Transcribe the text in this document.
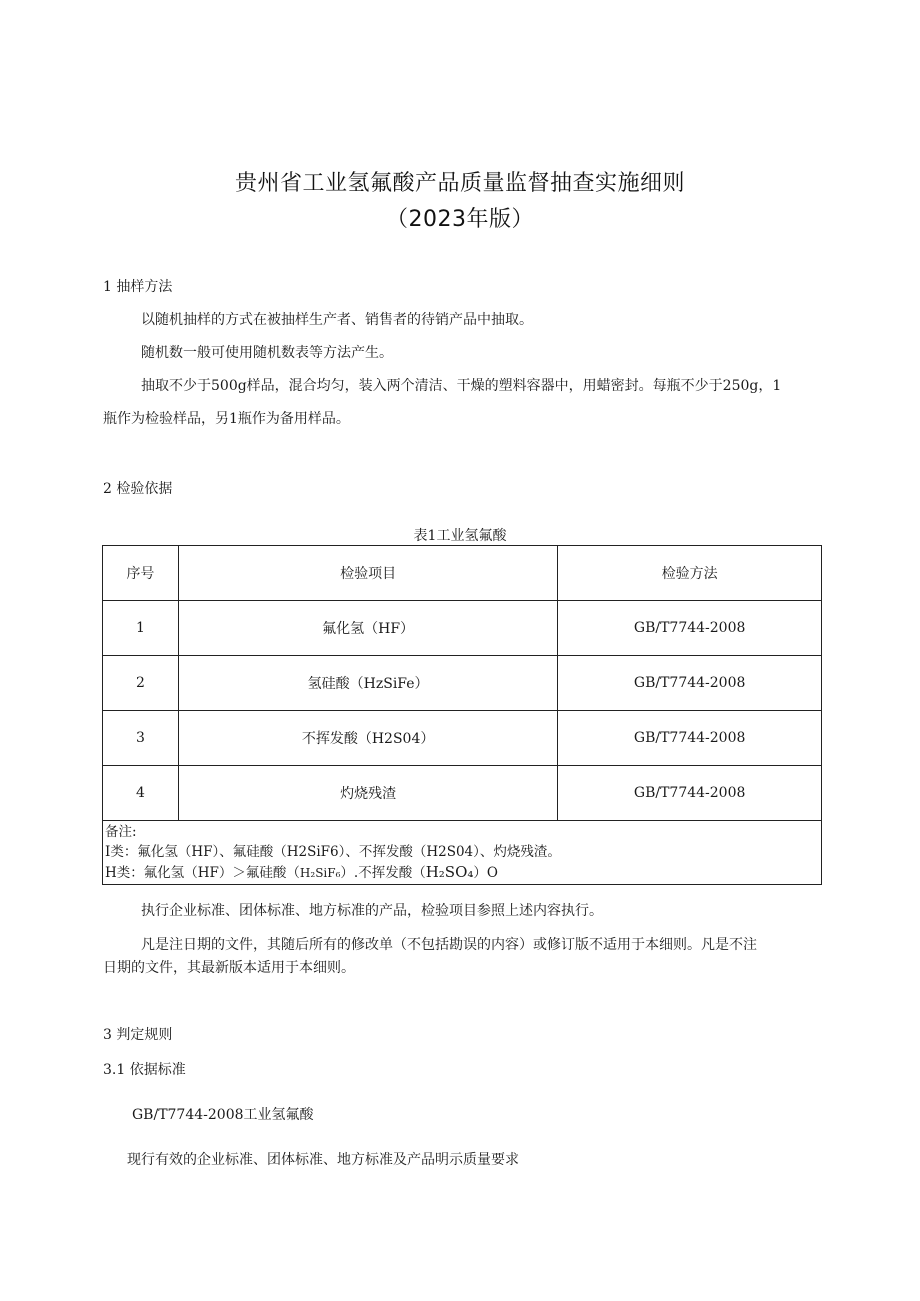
贵州省工业氢氟酸产品质量监督抽查实施细则
（2023年版）
1 抽样方法
以随机抽样的方式在被抽样生产者、销售者的待销产品中抽取。
随机数一般可使用随机数表等方法产生。
抽取不少于500g样品，混合均匀，装入两个清洁、干燥的塑料容器中，用蜡密封。每瓶不少于250g，1
瓶作为检验样品，另1瓶作为备用样品。
2 检验依据
表1工业氢氟酸
序号	检验项目	检验方法
1	氟化氢（HF）	GB/T7744-2008
2	氢硅酸（HzSiFe）	GB/T7744-2008
3	不挥发酸（H2S04）	GB/T7744-2008
4	灼烧残渣	GB/T7744-2008

备注:
I类：氟化氢（HF）、氟硅酸（H2SiF6）、不挥发酸（H2S04）、灼烧残渣。
H类：氟化氢（HF）＞氟硅酸（H₂SiF₆）.不挥发酸（H₂SO₄）O		
执行企业标准、团体标准、地方标准的产品，检验项目参照上述内容执行。
凡是注日期的文件，其随后所有的修改单（不包括勘误的内容）或修订版不适用于本细则。凡是不注
日期的文件，其最新版本适用于本细则。
3 判定规则
3.1 依据标准
GB/T7744-2008工业氢氟酸
现行有效的企业标准、团体标准、地方标准及产品明示质量要求
